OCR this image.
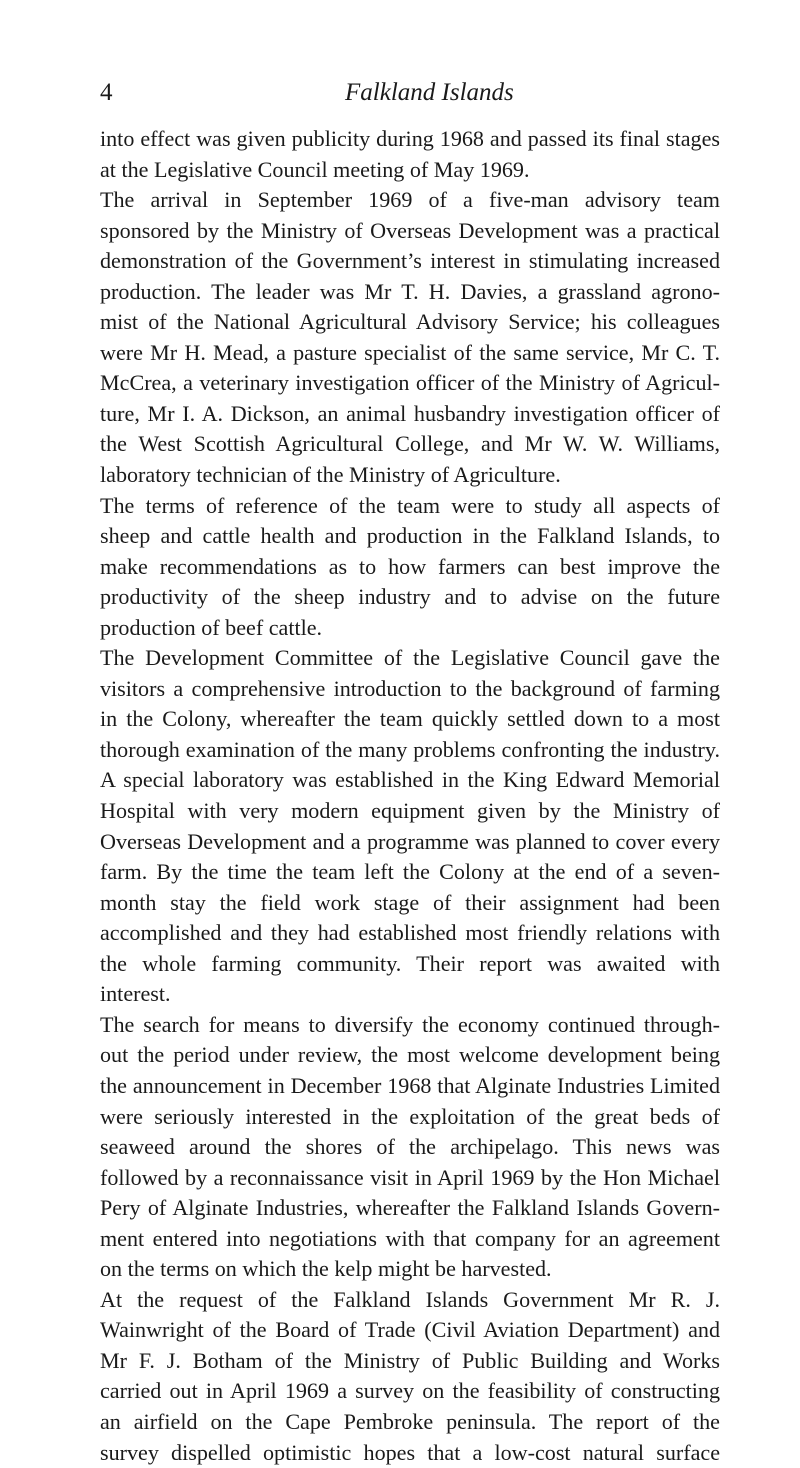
4	Falkland Islands
into effect was given publicity during 1968 and passed its final stages
at the Legislative Council meeting of May 1969.
The arrival in September 1969 of a five-man advisory team
sponsored by the Ministry of Overseas Development was a practical
demonstration of the Government’s interest in stimulating increased
production. The leader was Mr T. H. Davies, a grassland agrono-
mist of the National Agricultural Advisory Service; his colleagues
were Mr H. Mead, a pasture specialist of the same service, Mr C. T.
McCrea, a veterinary investigation officer of the Ministry of Agricul-
ture, Mr I. A. Dickson, an animal husbandry investigation officer of
the West Scottish Agricultural College, and Mr W. W. Williams,
laboratory technician of the Ministry of Agriculture.
The terms of reference of the team were to study all aspects of
sheep and cattle health and production in the Falkland Islands, to
make recommendations as to how farmers can best improve the
productivity of the sheep industry and to advise on the future
production of beef cattle.
The Development Committee of the Legislative Council gave the
visitors a comprehensive introduction to the background of farming
in the Colony, whereafter the team quickly settled down to a most
thorough examination of the many problems confronting the industry.
A special laboratory was established in the King Edward Memorial
Hospital with very modern equipment given by the Ministry of
Overseas Development and a programme was planned to cover every
farm. By the time the team left the Colony at the end of a seven-
month stay the field work stage of their assignment had been
accomplished and they had established most friendly relations with
the whole farming community. Their report was awaited with
interest.
The search for means to diversify the economy continued through-
out the period under review, the most welcome development being
the announcement in December 1968 that Alginate Industries Limited
were seriously interested in the exploitation of the great beds of
seaweed around the shores of the archipelago. This news was
followed by a reconnaissance visit in April 1969 by the Hon Michael
Pery of Alginate Industries, whereafter the Falkland Islands Govern-
ment entered into negotiations with that company for an agreement
on the terms on which the kelp might be harvested.
At the request of the Falkland Islands Government Mr R. J.
Wainwright of the Board of Trade (Civil Aviation Department) and
Mr F. J. Botham of the Ministry of Public Building and Works
carried out in April 1969 a survey on the feasibility of constructing
an airfield on the Cape Pembroke peninsula. The report of the
survey dispelled optimistic hopes that a low-cost natural surface
